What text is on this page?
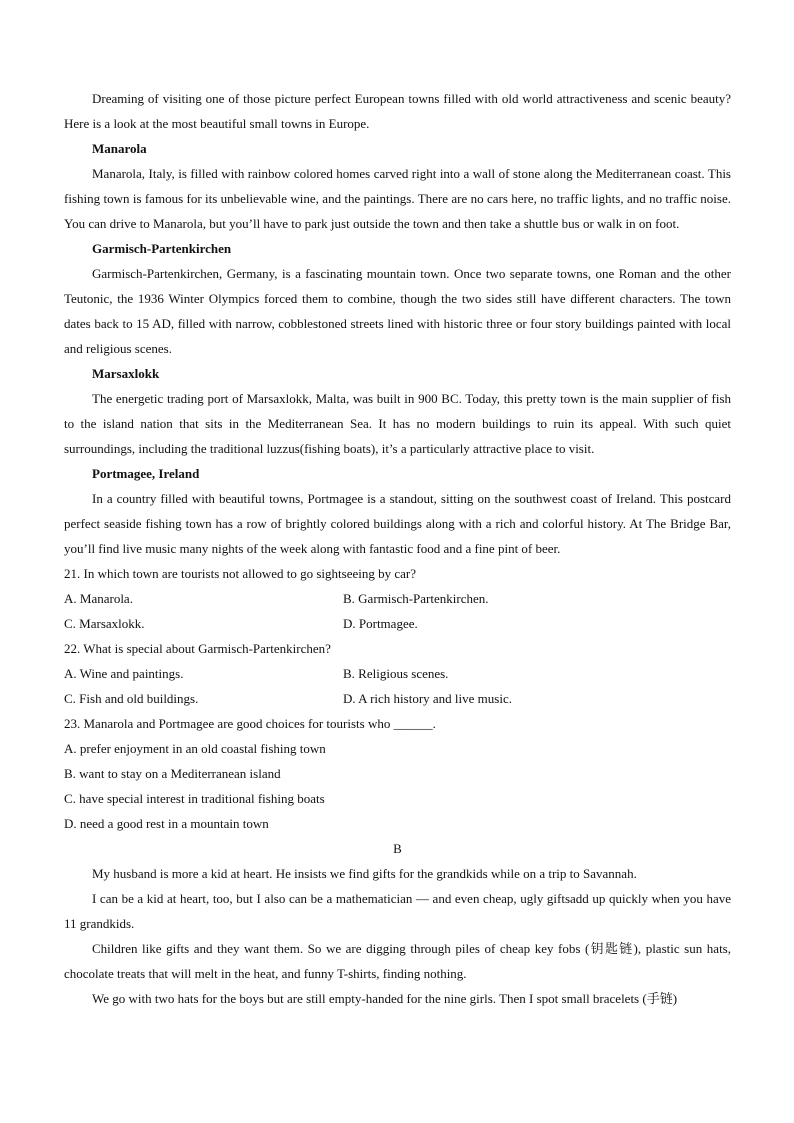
Dreaming of visiting one of those picture perfect European towns filled with old world attractiveness and scenic beauty? Here is a look at the most beautiful small towns in Europe.

Manarola

Manarola, Italy, is filled with rainbow colored homes carved right into a wall of stone along the Mediterranean coast. This fishing town is famous for its unbelievable wine, and the paintings. There are no cars here, no traffic lights, and no traffic noise. You can drive to Manarola, but you’ll have to park just outside the town and then take a shuttle bus or walk in on foot.

Garmisch-Partenkirchen

Garmisch-Partenkirchen, Germany, is a fascinating mountain town. Once two separate towns, one Roman and the other Teutonic, the 1936 Winter Olympics forced them to combine, though the two sides still have different characters. The town dates back to 15 AD, filled with narrow, cobblestoned streets lined with historic three or four story buildings painted with local and religious scenes.

Marsaxlokk

The energetic trading port of Marsaxlokk, Malta, was built in 900 BC. Today, this pretty town is the main supplier of fish to the island nation that sits in the Mediterranean Sea. It has no modern buildings to ruin its appeal. With such quiet surroundings, including the traditional luzzus(fishing boats), it’s a particularly attractive place to visit.

Portmagee, Ireland

In a country filled with beautiful towns, Portmagee is a standout, sitting on the southwest coast of Ireland. This postcard perfect seaside fishing town has a row of brightly colored buildings along with a rich and colorful history. At The Bridge Bar, you’ll find live music many nights of the week along with fantastic food and a fine pint of beer.

21. In which town are tourists not allowed to go sightseeing by car?

A. Manarola.	B. Garmisch-Partenkirchen.
C. Marsaxlokk.	D. Portmagee.

22. What is special about Garmisch-Partenkirchen?

A. Wine and paintings.	B. Religious scenes.
C. Fish and old buildings.	D. A rich history and live music.

23. Manarola and Portmagee are good choices for tourists who ______.

A. prefer enjoyment in an old coastal fishing town

B. want to stay on a Mediterranean island

C. have special interest in traditional fishing boats

D. need a good rest in a mountain town

B

My husband is more a kid at heart. He insists we find gifts for the grandkids while on a trip to Savannah.

I can be a kid at heart, too, but I also can be a mathematician — and even cheap, ugly giftsadd up quickly when you have 11 grandkids.

Children like gifts and they want them. So we are digging through piles of cheap key fobs (钥匙链), plastic sun hats, chocolate treats that will melt in the heat, and funny T-shirts, finding nothing.

We go with two hats for the boys but are still empty-handed for the nine girls. Then I spot small bracelets (手链)
